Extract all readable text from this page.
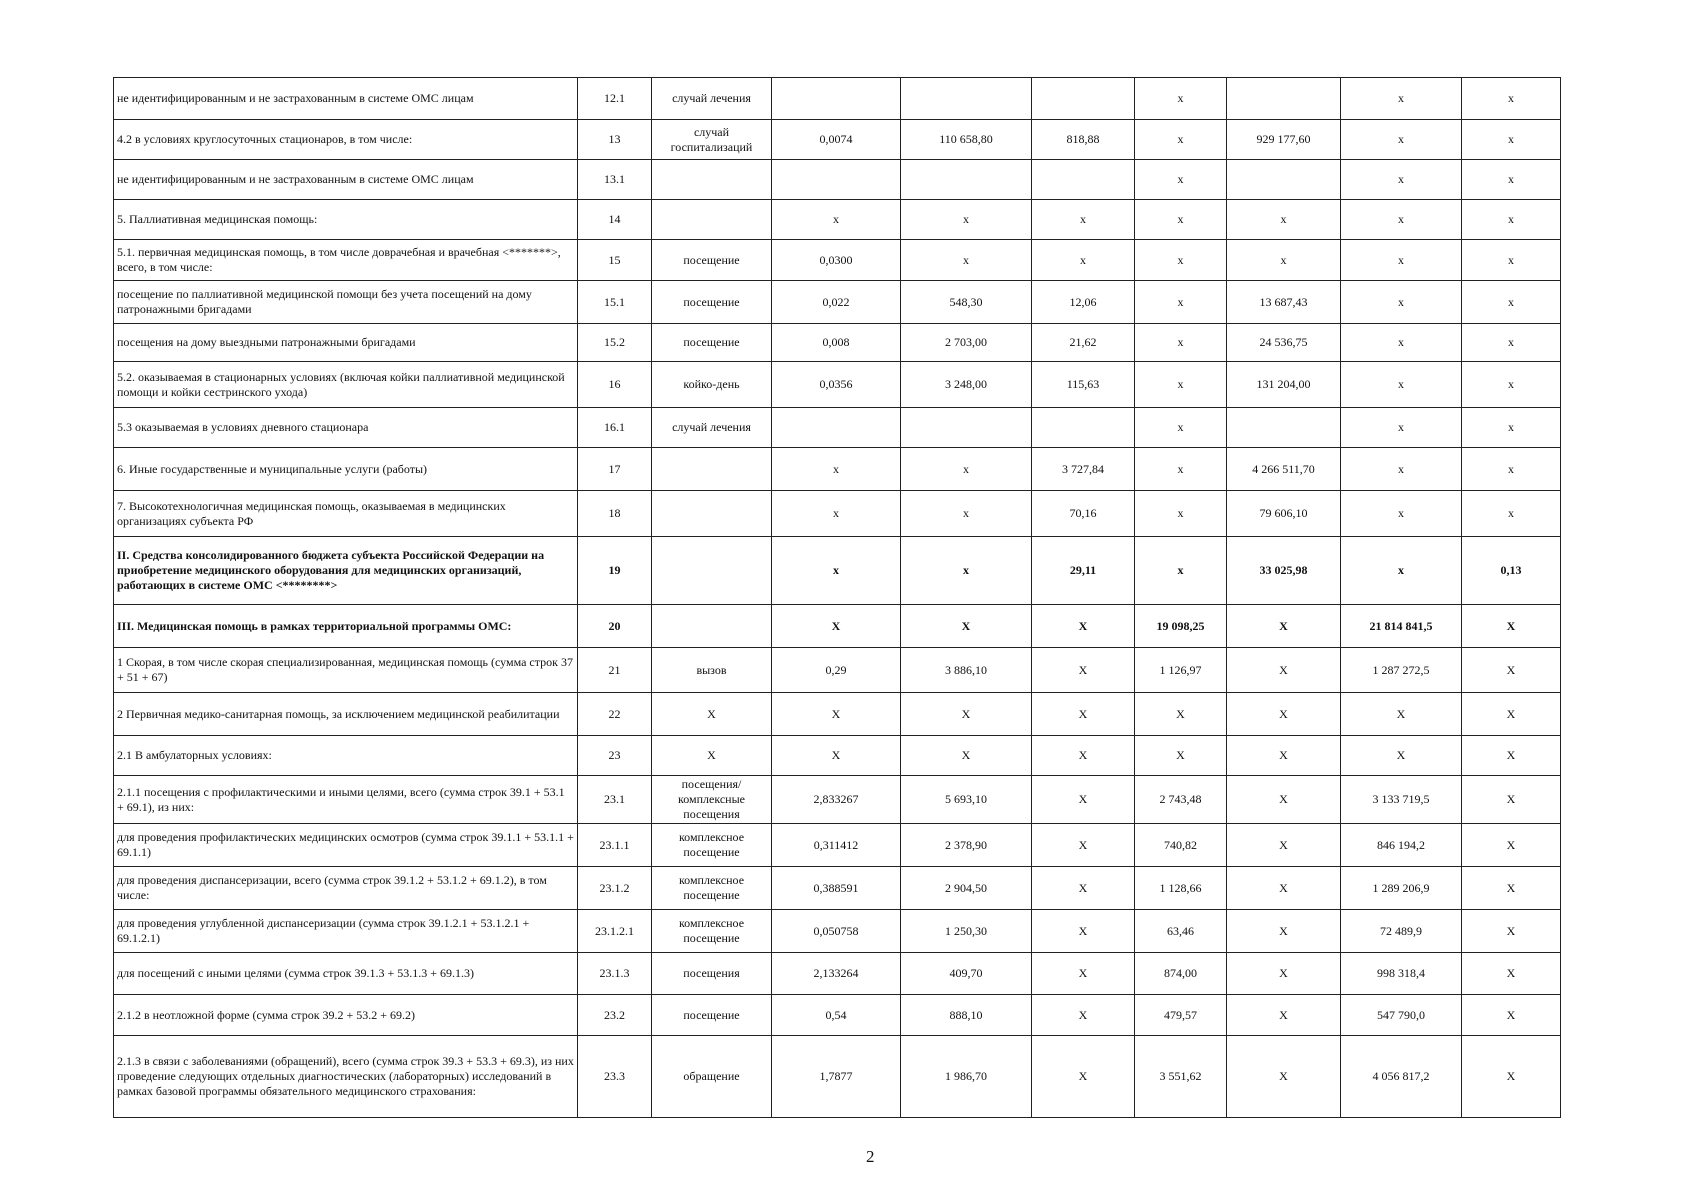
не идентифицированным и не застрахованным в системе ОМС лицам	12.1	случай лечения				х		х	х
4.2 в условиях круглосуточных стационаров, в том числе:	13	случай госпитализаций	0,0074	110 658,80	818,88	х	929 177,60	х	х
не идентифицированным и не застрахованным в системе ОМС лицам	13.1					х		х	х
5. Паллиативная медицинская помощь:	14		х	х	х	х	х	х	х
5.1. первичная медицинская помощь, в том числе доврачебная и врачебная <*******>, всего, в том числе:	15	посещение	0,0300	х	х	х	х	х	х
посещение по паллиативной медицинской помощи без учета посещений на дому патронажными бригадами	15.1	посещение	0,022	548,30	12,06	х	13 687,43	х	х
посещения на дому выездными патронажными бригадами	15.2	посещение	0,008	2 703,00	21,62	х	24 536,75	х	х
5.2. оказываемая в стационарных условиях (включая койки паллиативной медицинской помощи и койки сестринского ухода)	16	койко-день	0,0356	3 248,00	115,63	х	131 204,00	х	х
5.3 оказываемая в условиях дневного стационара	16.1	случай лечения				х		х	х
6. Иные государственные и муниципальные услуги (работы)	17		х	х	3 727,84	х	4 266 511,70	х	х
7. Высокотехнологичная медицинская помощь, оказываемая в медицинских организациях субъекта РФ	18		х	х	70,16	х	79 606,10	х	х
II. Средства консолидированного бюджета субъекта Российской Федерации на приобретение медицинского оборудования для медицинских организаций, работающих в системе ОМС <********>	19		х	х	29,11	х	33 025,98	х	0,13
III. Медицинская помощь в рамках территориальной программы ОМС:	20		X	X	X	19 098,25	X	21 814 841,5	X
1 Скорая, в том числе скорая специализированная, медицинская помощь (сумма строк 37 + 51 + 67)	21	вызов	0,29	3 886,10	X	1 126,97	X	1 287 272,5	X
2 Первичная медико-санитарная помощь, за исключением медицинской реабилитации	22	X	X	X	X	X	X	X	X
2.1 В амбулаторных условиях:	23	X	X	X	X	X	X	X	X
2.1.1 посещения с профилактическими и иными целями, всего (сумма строк 39.1 + 53.1 + 69.1), из них:	23.1	посещения/ комплексные посещения	2,833267	5 693,10	X	2 743,48	X	3 133 719,5	X
для проведения профилактических медицинских осмотров (сумма строк 39.1.1 + 53.1.1 + 69.1.1)	23.1.1	комплексное посещение	0,311412	2 378,90	X	740,82	X	846 194,2	X
для проведения диспансеризации, всего (сумма строк 39.1.2 + 53.1.2 + 69.1.2), в том числе:	23.1.2	комплексное посещение	0,388591	2 904,50	X	1 128,66	X	1 289 206,9	X
для проведения углубленной диспансеризации (сумма строк 39.1.2.1 + 53.1.2.1 + 69.1.2.1)	23.1.2.1	комплексное посещение	0,050758	1 250,30	X	63,46	X	72 489,9	X
для посещений с иными целями (сумма строк 39.1.3 + 53.1.3 + 69.1.3)	23.1.3	посещения	2,133264	409,70	X	874,00	X	998 318,4	X
2.1.2 в неотложной форме (сумма строк 39.2 + 53.2 + 69.2)	23.2	посещение	0,54	888,10	X	479,57	X	547 790,0	X
2.1.3 в связи с заболеваниями (обращений), всего (сумма строк 39.3 + 53.3 + 69.3), из них проведение следующих отдельных диагностических (лабораторных) исследований в рамках базовой программы обязательного медицинского страхования:	23.3	обращение	1,7877	1 986,70	X	3 551,62	X	4 056 817,2	X
2
